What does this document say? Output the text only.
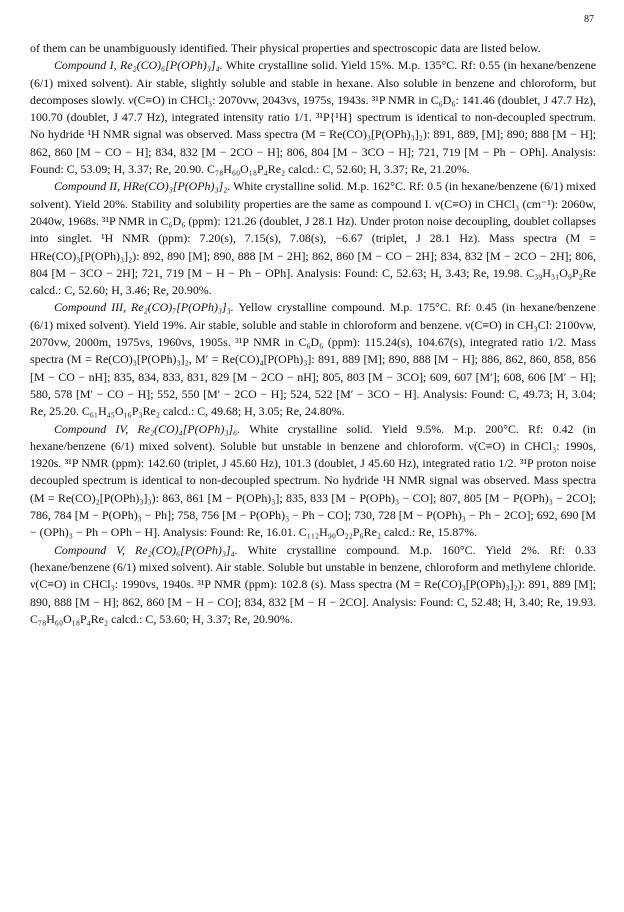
87

of them can be unambiguously identified. Their physical properties and spectroscopic data are listed below.

Compound I, Re₂(CO)₆[P(OPh)₃]₄. White crystalline solid. Yield 15%. M.p. 135°C. Rf: 0.55 (in hexane/benzene (6/1) mixed solvent). Air stable, slightly soluble and stable in hexane. Also soluble in benzene and chloroform, but decomposes slowly. ν(C≡O) in CHCl₃: 2070vw, 2043vs, 1975s, 1943s. ³¹P NMR in C₆D₆: 141.46 (doublet, J 47.7 Hz), 100.70 (doublet, J 47.7 Hz), integrated intensity ratio 1/1. ³¹P{¹H} spectrum is identical to non-decoupled spectrum. No hydride ¹H NMR signal was observed. Mass spectra (M = Re(CO)₃[P(OPh)₃]₂): 891, 889, [M]; 890; 888 [M − H]; 862, 860 [M − CO − H]; 834, 832 [M − 2CO − H]; 806, 804 [M − 3CO − H]; 721, 719 [M − Ph − OPh]. Analysis: Found: C, 53.09; H, 3.37; Re, 20.90. C₇₈H₆₀O₁₈P₄Re₂ calcd.: C, 52.60; H, 3.37; Re, 21.20%.

Compound II, HRe(CO)₃[P(OPh)₃]₂. White crystalline solid. M.p. 162°C. Rf: 0.5 (in hexane/benzene (6/1) mixed solvent). Yield 20%. Stability and solubility properties are the same as compound I. ν(C≡O) in CHCl₃ (cm⁻¹): 2060w, 2040w, 1968s. ³¹P NMR in C₆D₆ (ppm): 121.26 (doublet, J 28.1 Hz). Under proton noise decoupling, doublet collapses into singlet. ¹H NMR (ppm): 7.20(s), 7.15(s), 7.08(s), −6.67 (triplet, J 28.1 Hz). Mass spectra (M = HRe(CO)₃[P(OPh)₃]₂): 892, 890 [M]; 890, 888 [M − 2H]; 862, 860 [M − CO − 2H]; 834, 832 [M − 2CO − 2H]; 806, 804 [M − 3CO − 2H]; 721, 719 [M − H − Ph − OPh]. Analysis: Found: C, 52.63; H, 3.43; Re, 19.98. C₃₉H₃₁O₉P₂Re calcd.: C, 52.60; H, 3.46; Re, 20.90%.

Compound III, Re₂(CO)₇[P(OPh)₃]₃. Yellow crystalline compound. M.p. 175°C. Rf: 0.45 (in hexane/benzene (6/1) mixed solvent). Yield 19%. Air stable, soluble and stable in chloroform and benzene. ν(C≡O) in CH₃Cl: 2100vw, 2070vw, 2000m, 1975vs, 1960vs, 1905s. ³¹P NMR in C₆D₆ (ppm): 115.24(s), 104.67(s), integrated ratio 1/2. Mass spectra (M = Re(CO)₃[P(OPh)₃]₂, M′ = Re(CO)₄[P(OPh)₃]: 891, 889 [M]; 890, 888 [M − H]; 886, 862, 860, 858, 856 [M − CO − nH]; 835, 834, 833, 831, 829 [M − 2CO − nH]; 805, 803 [M − 3CO]; 609, 607 [M′]; 608, 606 [M′ − H]; 580, 578 [M′ − CO − H]; 552, 550 [M′ − 2CO − H]; 524, 522 [M′ − 3CO − H]. Analysis: Found: C, 49.73; H, 3.04; Re, 25.20. C₆₁H₄₅O₁₆P₃Re₂ calcd.: C, 49.68; H, 3.05; Re, 24.80%.

Compound IV, Re₂(CO)₄[P(OPh)₃]₆. White crystalline solid. Yield 9.5%. M.p. 200°C. Rf: 0.42 (in hexane/benzene (6/1) mixed solvent). Soluble but unstable in benzene and chloroform. ν(C≡O) in CHCl₃: 1990s, 1920s. ³¹P NMR (ppm): 142.60 (triplet, J 45.60 Hz), 101.3 (doublet, J 45.60 Hz), integrated ratio 1/2. ³¹P proton noise decoupled spectrum is identical to non-decoupled spectrum. No hydride ¹H NMR signal was observed. Mass spectra (M = Re(CO)₂[P(OPh)₃]₃): 863, 861 [M − P(OPh)₃]; 835, 833 [M − P(OPh)₃ − CO]; 807, 805 [M − P(OPh)₃ − 2CO]; 786, 784 [M − P(OPh)₃ − Ph]; 758, 756 [M − P(OPh)₃ − Ph − CO]; 730, 728 [M − P(OPh)₃ − Ph − 2CO]; 692, 690 [M − (OPh)₃ − Ph − OPh − H]. Analysis: Found: Re, 16.01. C₁₁₂H₉₀O₂₂P₆Re₂ calcd.: Re, 15.87%.

Compound V, Re₂(CO)₆[P(OPh)₃]₄. White crystalline compound. M.p. 160°C. Yield 2%. Rf: 0.33 (hexane/benzene (6/1) mixed solvent). Air stable. Soluble but unstable in benzene, chloroform and methylene chloride. ν(C≡O) in CHCl₃: 1990vs, 1940s. ³¹P NMR (ppm): 102.8 (s). Mass spectra (M = Re(CO)₃[P(OPh)₃]₂): 891, 889 [M]; 890, 888 [M − H]; 862, 860 [M − H − CO]; 834, 832 [M − H − 2CO]. Analysis: Found: C, 52.48; H, 3.40; Re, 19.93. C₇₈H₆₀O₁₈P₄Re₂ calcd.: C, 53.60; H, 3.37; Re, 20.90%.
